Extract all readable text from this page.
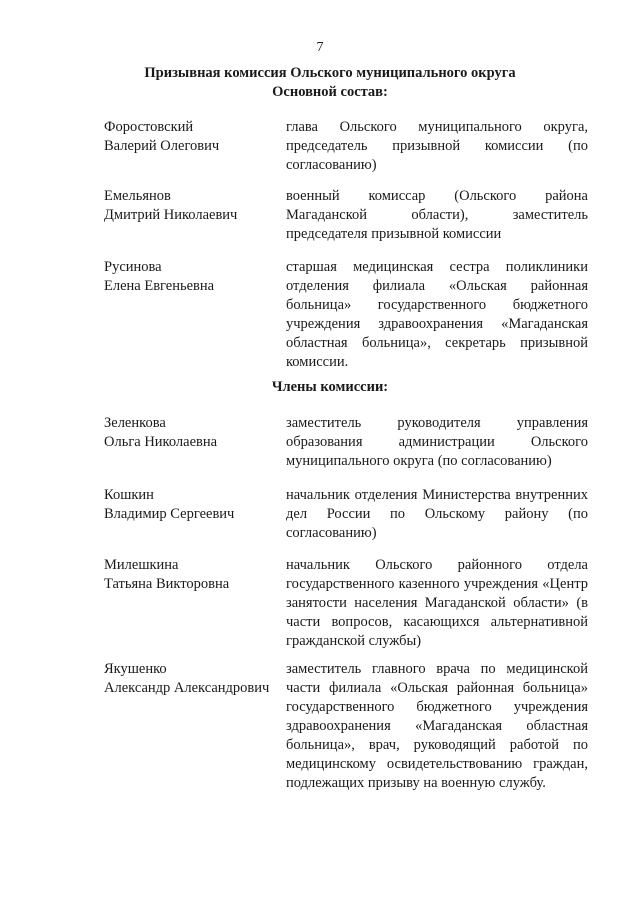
7
Призывная комиссия Ольского муниципального округа
Основной состав:
Форостовский
Валерий Олегович
глава Ольского муниципального округа, председатель призывной комиссии (по согласованию)
Емельянов
Дмитрий Николаевич
военный комиссар (Ольского района Магаданской области), заместитель председателя призывной комиссии
Русинова
Елена Евгеньевна
старшая медицинская сестра поликлиники отделения филиала «Ольская районная больница» государственного бюджетного учреждения здравоохранения «Магаданская областная больница», секретарь призывной комиссии.
Члены комиссии:
Зеленкова
Ольга Николаевна
заместитель руководителя управления образования администрации Ольского муниципального округа (по согласованию)
Кошкин
Владимир Сергеевич
начальник отделения Министерства внутренних дел России по Ольскому району (по согласованию)
Милешкина
Татьяна Викторовна
начальник Ольского районного отдела государственного казенного учреждения «Центр занятости населения Магаданской области» (в части вопросов, касающихся альтернативной гражданской службы)
Якушенко
Александр Александрович
заместитель главного врача по медицинской части филиала «Ольская районная больница» государственного бюджетного учреждения здравоохранения «Магаданская областная больница», врач, руководящий работой по медицинскому освидетельствованию граждан, подлежащих призыву на военную службу.
